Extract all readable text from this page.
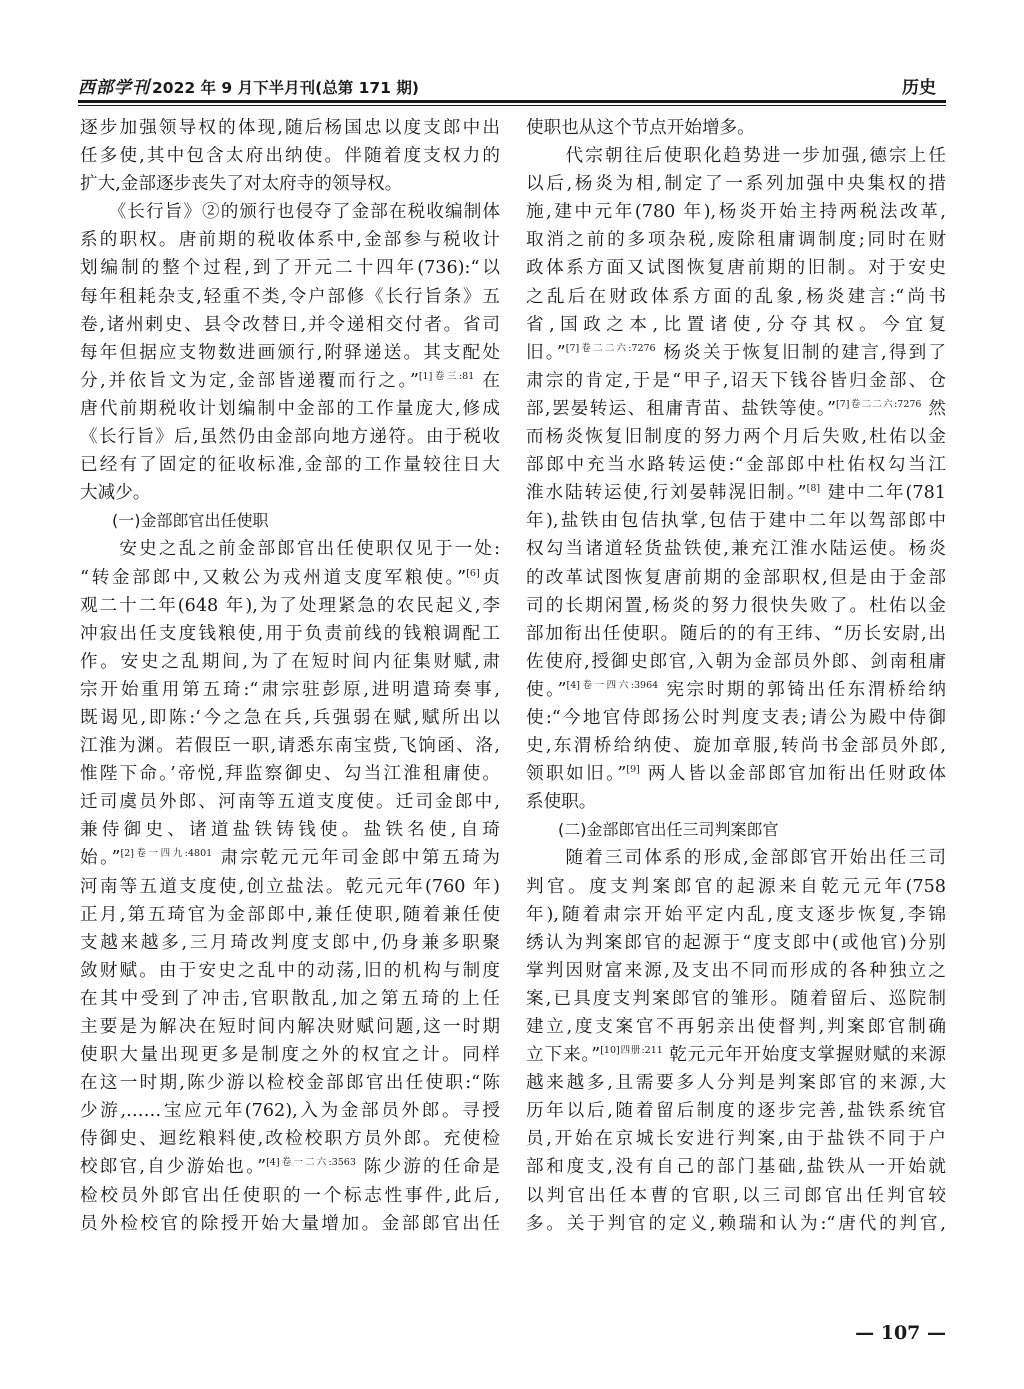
西部学刊 2022 年 9 月下半月刊(总第 171 期)	历史
逐步加强领导权的体现,随后杨国忠以度支郎中出
任多使,其中包含太府出纳使。伴随着度支权力的
扩大,金部逐步丧失了对太府寺的领导权。
　　《长行旨》②的颁行也侵夺了金部在税收编制体
系的职权。唐前期的税收体系中,金部参与税收计
划编制的整个过程,到了开元二十四年(736):“以
每年租耗杂支,轻重不类,令户部修《长行旨条》五
卷,诸州剌史、县令改替日,并令递相交付者。省司
每年但据应支物数进画颁行,附驿递送。其支配处
分,并依旨文为定,金部皆递覆而行之。”$^{[1]卷三:81}$ 在
唐代前期税收计划编制中金部的工作量庞大,修成
《长行旨》后,虽然仍由金部向地方递符。由于税收
已经有了固定的征收标准,金部的工作量较往日大
大减少。
　　(一)金部郎官出任使职
　　安史之乱之前金部郎官出任使职仅见于一处:
“转金部郎中,又敕公为戎州道支度军粮使。”[6]贞
观二十二年(648 年),为了处理紧急的农民起义,李
冲寂出任支度钱粮使,用于负责前线的钱粮调配工
作。安史之乱期间,为了在短时间内征集财赋,肃
宗开始重用第五琦:“肃宗驻彭原,进明遣琦奏事,
既谒见,即陈:‘今之急在兵,兵强弱在赋,赋所出以
江淮为渊。若假臣一职,请悉东南宝赀,飞饷函、洛,
惟陛下命。’帝悦,拜监察御史、勾当江淮租庸使。
迁司虞员外郎、河南等五道支度使。迁司金郎中,
兼侍御史、诸道盐铁铸钱使。盐铁名使,自琦
始。”$^{[2]卷一四九:4801}$ 肃宗乾元元年司金郎中第五琦为
河南等五道支度使,创立盐法。乾元元年(760 年)
正月,第五琦官为金部郎中,兼任使职,随着兼任使
支越来越多,三月琦改判度支郎中,仍身兼多职聚
敛财赋。由于安史之乱中的动荡,旧的机构与制度
在其中受到了冲击,官职散乱,加之第五琦的上任
主要是为解决在短时间内解决财赋问题,这一时期
使职大量出现更多是制度之外的权宜之计。同样
在这一时期,陈少游以检校金部郎官出任使职:“陈
少游,……宝应元年(762),入为金部员外郎。寻授
侍御史、迴纥粮料使,改检校职方员外郎。充使检
校郎官,自少游始也。”$^{[4]卷一二六:3563}$ 陈少游的任命是
检校员外郎官出任使职的一个标志性事件,此后,
员外检校官的除授开始大量增加。金部郎官出任
使职也从这个节点开始增多。
　　代宗朝往后使职化趋势进一步加强,德宗上任
以后,杨炎为相,制定了一系列加强中央集权的措
施,建中元年(780 年),杨炎开始主持两税法改革,
取消之前的多项杂税,废除租庸调制度;同时在财
政体系方面又试图恢复唐前期的旧制。对于安史
之乱后在财政体系方面的乱象,杨炎建言:“尚书
省,国政之本,比置诸使,分夺其权。今宜复
旧。”$^{[7]卷二二六:7276}$ 杨炎关于恢复旧制的建言,得到了
肃宗的肯定,于是“甲子,诏天下钱谷皆归金部、仓
部,罢晏转运、租庸青苗、盐铁等使。”$^{[7]卷二二六:7276}$ 然
而杨炎恢复旧制度的努力两个月后失败,杜佑以金
部郎中充当水路转运使:“金部郎中杜佑权勾当江
淮水陆转运使,行刘晏韩滉旧制。”[8] 建中二年(781
年),盐铁由包佶执掌,包佶于建中二年以驾部郎中
权勾当诸道轻货盐铁使,兼充江淮水陆运使。杨炎
的改革试图恢复唐前期的金部职权,但是由于金部
司的长期闲置,杨炎的努力很快失败了。杜佑以金
部加衔出任使职。随后的的有王纬、“历长安尉,出
佐使府,授御史郎官,入朝为金部员外郎、剑南租庸
使。”$^{[4]卷一四六:3964}$ 宪宗时期的郭锜出任东渭桥给纳
使:“今地官侍郎扬公时判度支表;请公为殿中侍御
史,东渭桥给纳使、旋加章服,转尚书金部员外郎,
领职如旧。”[9] 两人皆以金部郎官加衔出任财政体
系使职。
　　(二)金部郎官出任三司判案郎官
　　随着三司体系的形成,金部郎官开始出任三司
判官。度支判案郎官的起源来自乾元元年(758
年),随着肃宗开始平定内乱,度支逐步恢复,李锦
绣认为判案郎官的起源于“度支郎中(或他官)分别
掌判因财富来源,及支出不同而形成的各种独立之
案,已具度支判案郎官的雏形。随着留后、巡院制
建立,度支案官不再躬亲出使督判,判案郎官制确
立下来。”$^{[10]四册:211}$ 乾元元年开始度支掌握财赋的来源
越来越多,且需要多人分判是判案郎官的来源,大
历年以后,随着留后制度的逐步完善,盐铁系统官
员,开始在京城长安进行判案,由于盐铁不同于户
部和度支,没有自己的部门基础,盐铁从一开始就
以判官出任本曹的官职,以三司郎官出任判官较
多。关于判官的定义,赖瑞和认为:“唐代的判官,
— 107 —
